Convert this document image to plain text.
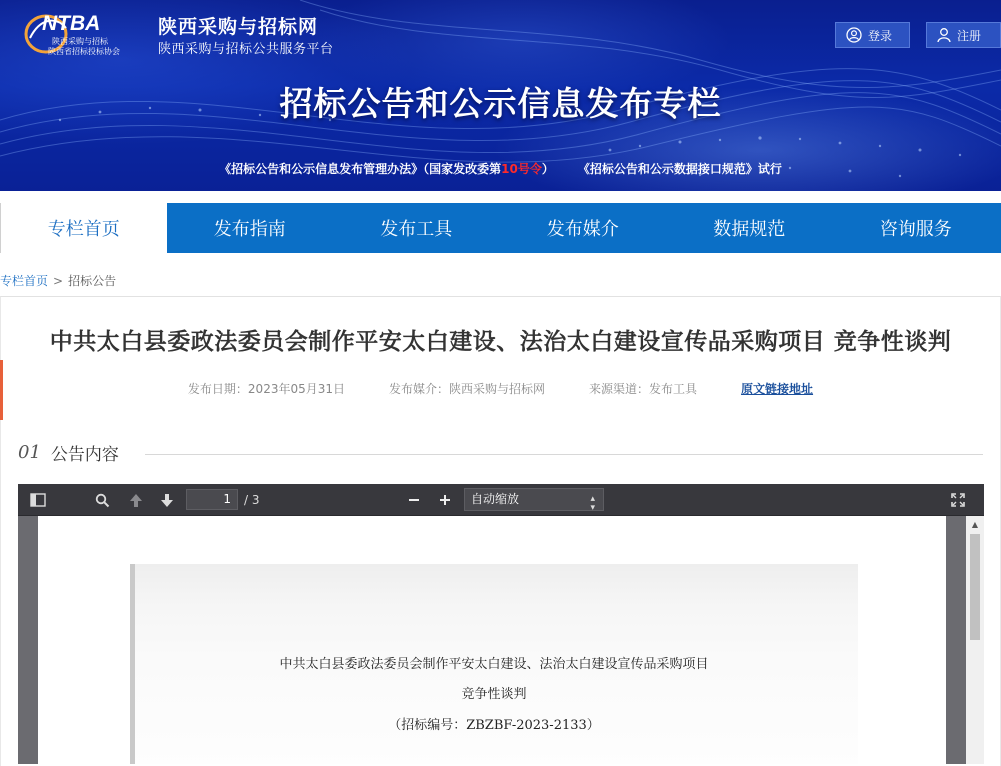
NTBA
陕西采购与招标
陕西省招标投标协会
陕西采购与招标网
陕西采购与招标公共服务平台
登录	注册
招标公告和公示信息发布专栏
《招标公告和公示信息发布管理办法》（国家发改委第10号令） 《招标公告和公示数据接口规范》试行
专栏首页	发布指南	发布工具	发布媒介	数据规范	咨询服务
专栏首页 > 招标公告
中共太白县委政法委员会制作平安太白建设、法治太白建设宣传品采购项目 竞争性谈判
发布日期：2023年05月31日	发布媒介：陕西采购与招标网	来源渠道：发布工具	原文链接地址
01 公告内容
1	/ 3	自动缩放	▴
▾
中共太白县委政法委员会制作平安太白建设、法治太白建设宣传品采购项目
竞争性谈判
（招标编号：ZBZBF-2023-2133）
▲
